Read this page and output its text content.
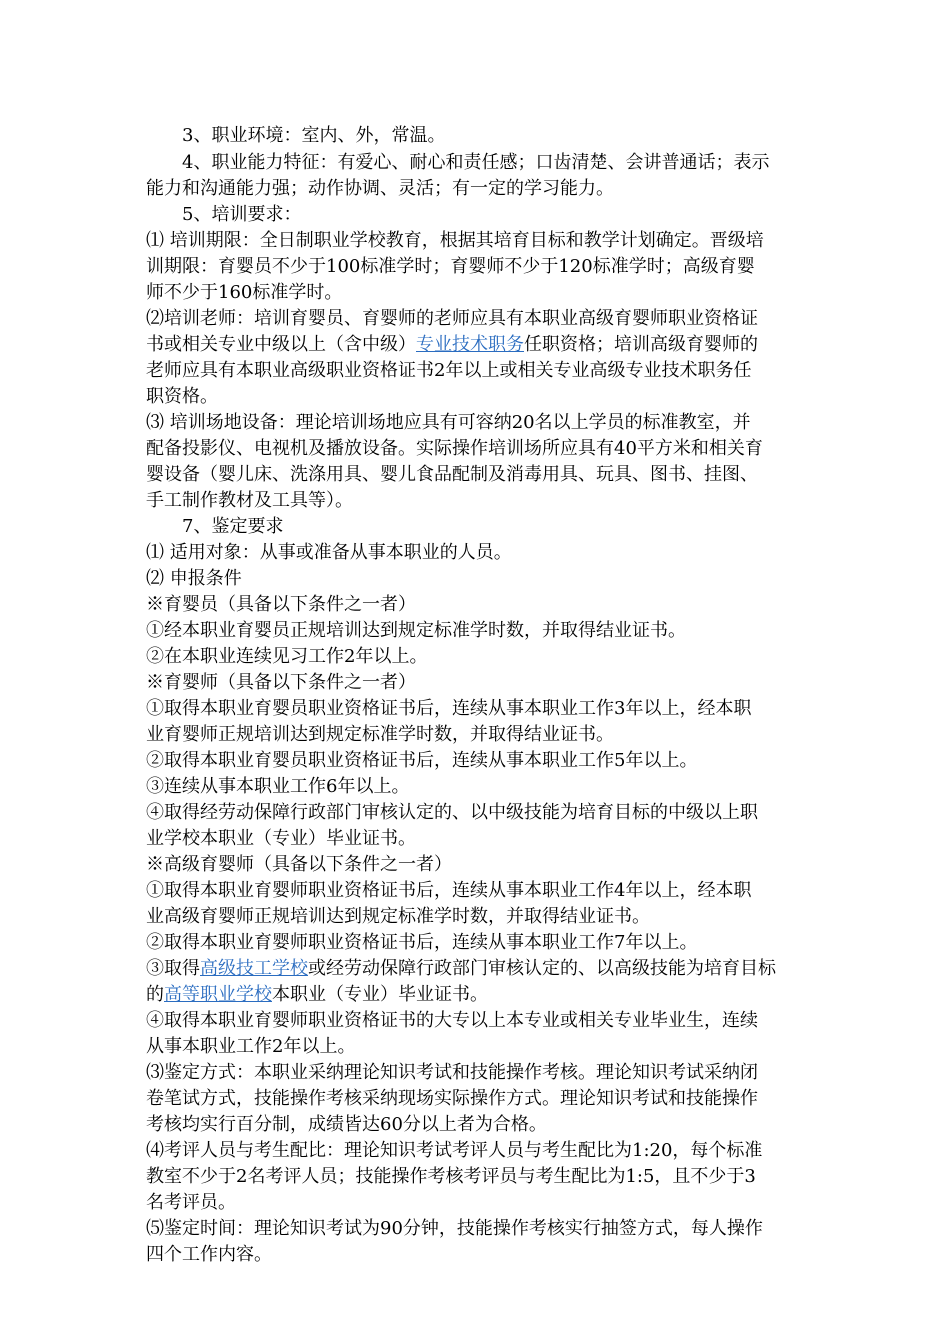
3、职业环境：室内、外，常温。
4、职业能力特征：有爱心、耐心和责任感；口齿清楚、会讲普通话；表示
能力和沟通能力强；动作协调、灵活；有一定的学习能力。
5、培训要求：
⑴ 培训期限：全日制职业学校教育，根据其培育目标和教学计划确定。晋级培
训期限：育婴员不少于100标准学时；育婴师不少于120标准学时；高级育婴
师不少于160标准学时。
⑵培训老师：培训育婴员、育婴师的老师应具有本职业高级育婴师职业资格证
书或相关专业中级以上（含中级）专业技术职务任职资格；培训高级育婴师的
老师应具有本职业高级职业资格证书2年以上或相关专业高级专业技术职务任
职资格。
⑶ 培训场地设备：理论培训场地应具有可容纳20名以上学员的标准教室，并
配备投影仪、电视机及播放设备。实际操作培训场所应具有40平方米和相关育
婴设备（婴儿床、洗涤用具、婴儿食品配制及消毒用具、玩具、图书、挂图、
手工制作教材及工具等）。
7、鉴定要求
⑴ 适用对象：从事或准备从事本职业的人员。
⑵ 申报条件
※育婴员（具备以下条件之一者）
①经本职业育婴员正规培训达到规定标准学时数，并取得结业证书。
②在本职业连续见习工作2年以上。
※育婴师（具备以下条件之一者）
①取得本职业育婴员职业资格证书后，连续从事本职业工作3年以上，经本职
业育婴师正规培训达到规定标准学时数，并取得结业证书。
②取得本职业育婴员职业资格证书后，连续从事本职业工作5年以上。
③连续从事本职业工作6年以上。
④取得经劳动保障行政部门审核认定的、以中级技能为培育目标的中级以上职
业学校本职业（专业）毕业证书。
※高级育婴师（具备以下条件之一者）
①取得本职业育婴师职业资格证书后，连续从事本职业工作4年以上，经本职
业高级育婴师正规培训达到规定标准学时数，并取得结业证书。
②取得本职业育婴师职业资格证书后，连续从事本职业工作7年以上。
③取得高级技工学校或经劳动保障行政部门审核认定的、以高级技能为培育目标
的高等职业学校本职业（专业）毕业证书。
④取得本职业育婴师职业资格证书的大专以上本专业或相关专业毕业生，连续
从事本职业工作2年以上。
⑶鉴定方式：本职业采纳理论知识考试和技能操作考核。理论知识考试采纳闭
卷笔试方式，技能操作考核采纳现场实际操作方式。理论知识考试和技能操作
考核均实行百分制，成绩皆达60分以上者为合格。
⑷考评人员与考生配比：理论知识考试考评人员与考生配比为1:20，每个标准
教室不少于2名考评人员；技能操作考核考评员与考生配比为1:5，且不少于3
名考评员。
⑸鉴定时间：理论知识考试为90分钟，技能操作考核实行抽签方式，每人操作
四个工作内容。
